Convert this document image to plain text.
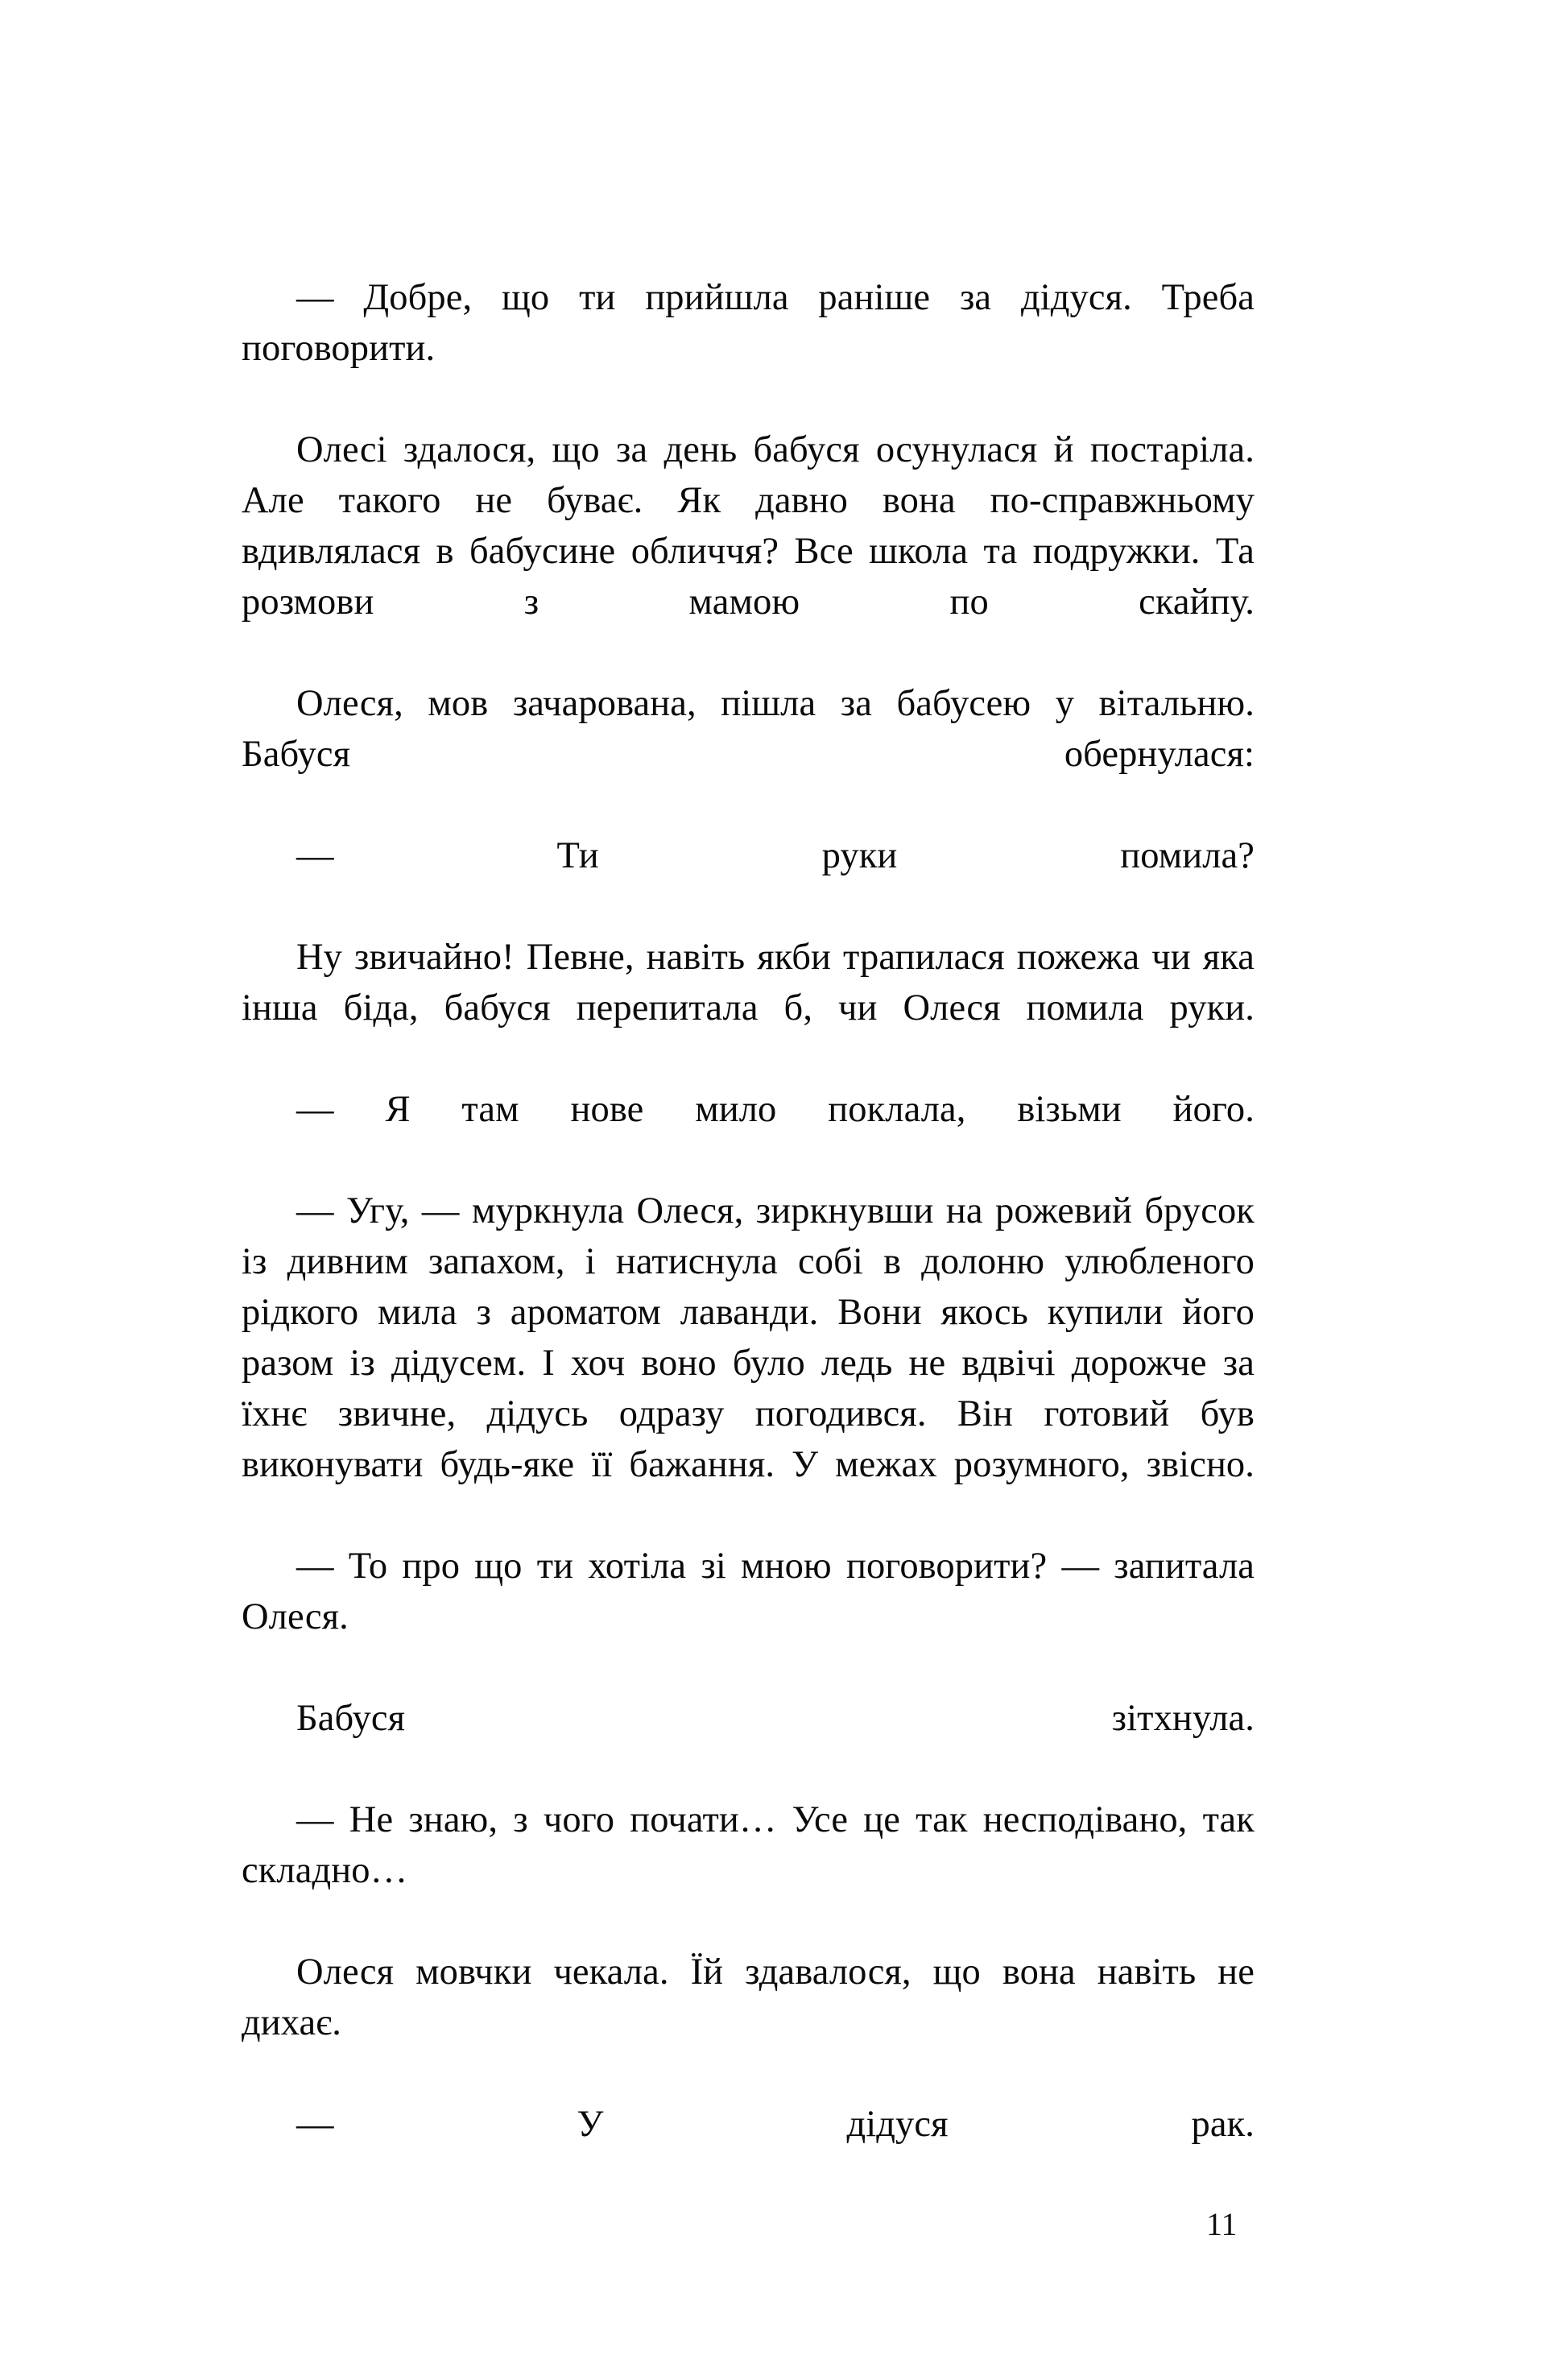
— Добре, що ти прийшла раніше за дідуся. Треба поговорити.

Олесі здалося, що за день бабуся осунулася й постаріла. Але такого не буває. Як давно вона по-справжньому вдивлялася в бабусине обличчя? Все школа та подружки. Та розмови з мамою по скайпу.

Олеся, мов зачарована, пішла за бабусею у вітальню. Бабуся обернулася:

— Ти руки помила?

Ну звичайно! Певне, навіть якби трапилася пожежа чи яка інша біда, бабуся перепитала б, чи Олеся помила руки.

— Я там нове мило поклала, візьми його.

— Угу, — муркнула Олеся, зиркнувши на рожевий брусок із дивним запахом, і натиснула собі в долоню улюбленого рідкого мила з ароматом лаванди. Вони якось купили його разом із дідусем. І хоч воно було ледь не вдвічі дорожче за їхнє звичне, дідусь одразу погодився. Він готовий був виконувати будь-яке її бажання. У межах розумного, звісно.

— То про що ти хотіла зі мною поговорити? — запитала Олеся.

Бабуся зітхнула.

— Не знаю, з чого почати… Усе це так несподівано, так складно…

Олеся мовчки чекала. Їй здавалося, що вона навіть не дихає.

— У дідуся рак.

11
